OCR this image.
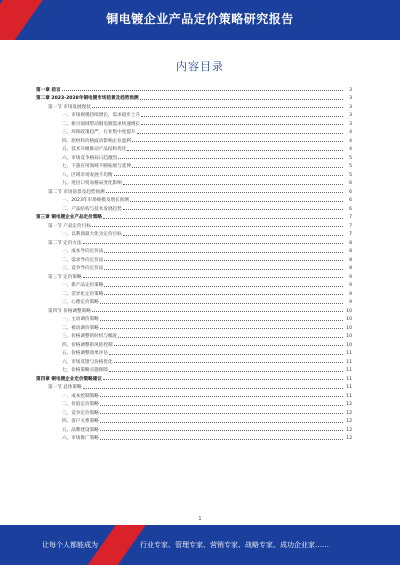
铜电镀企业产品定价策略研究报告
内容目录
第一章 前言	3
第二章 2023-2028年铜电镀市场前景及趋势预测	3
第一节 市场发展现状	3
一、市场规模持续增长，需求稳步上升	3
二、新兴领域带动铜电镀需求快速增长	3
三、环保政策趋严，行业集中度提升	4
四、原材料价格波动影响企业盈利	4
五、技术升级推动产品结构优化	4
六、市场竞争格局日趋激烈	5
七、下游应用领域不断拓展与延伸	5
八、区域市场发展不均衡	5
九、进出口贸易格局变化影响	6
第二节 市场前景及趋势预测	6
一、2023年市场规模及增长预测	6
二、产品结构与技术发展趋势	6
第三章 铜电镀企业产品定价策略	7
第一节 产品定价目标	7
一、以利润最大化为定价目标	7
第二节 定价方法	8
一、成本导向定价法	8
二、需求导向定价法	8
三、竞争导向定价法	8
第三节 定价策略	9
一、新产品定价策略	9
二、差异化定价策略	9
三、心理定价策略	9
第四节 价格调整策略	10
一、主动调价策略	10
二、被动调价策略	10
三、价格调整的时机与幅度	10
四、价格调整的风险控制	10
五、价格调整效果评估	11
六、市场反馈与价格优化	11
七、价格策略实施保障	11
第四章 铜电镀企业定价策略建议	11
第一节 总体策略	11
一、成本控制策略	11
二、价值定价策略	12
三、竞争定价策略	12
四、客户关系策略	12
五、品牌建设策略	12
六、市场推广策略	12
1
让每个人都能成为	行业专家、管理专家、营销专家、战略专家、成功企业家……
